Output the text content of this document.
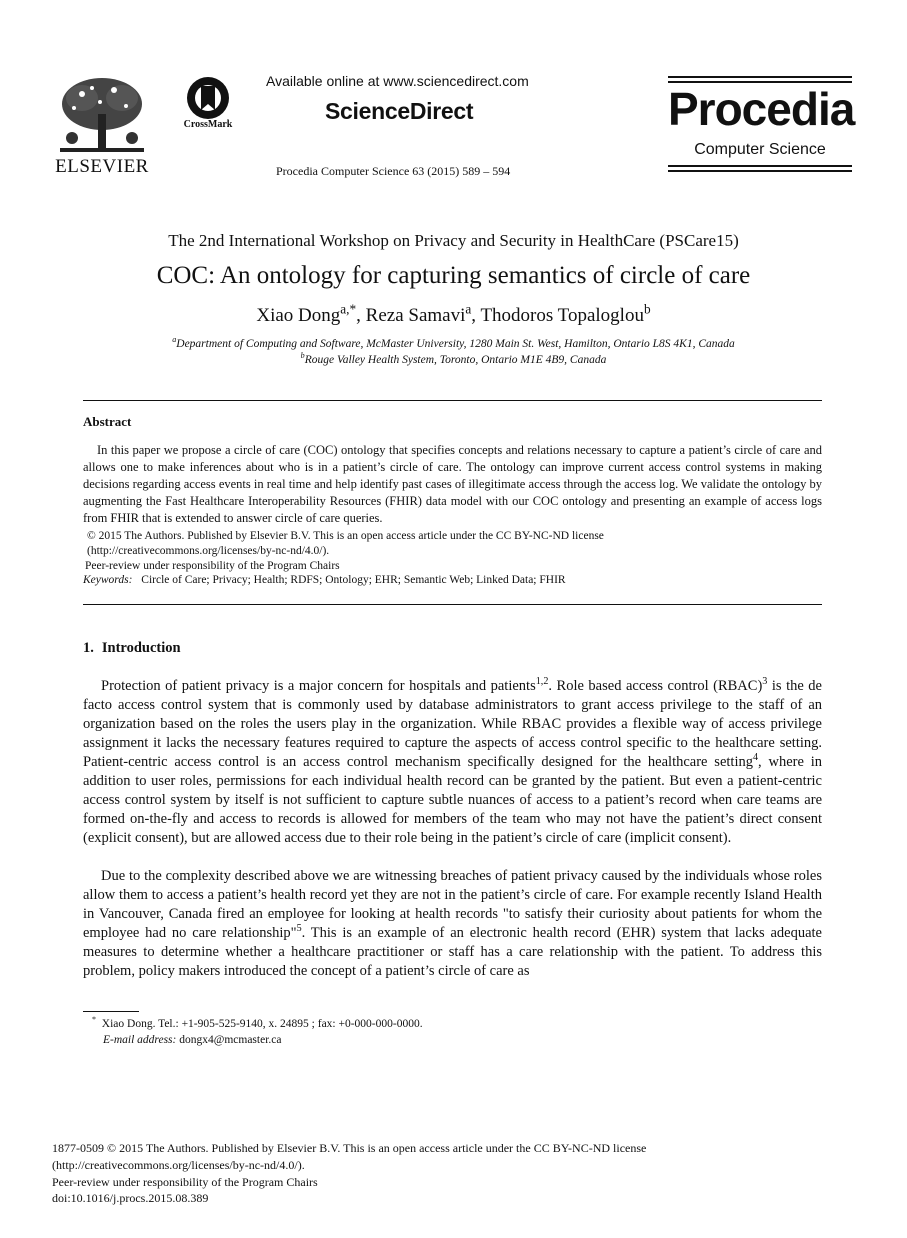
ELSEVIER
CrossMark
Available online at www.sciencedirect.com
ScienceDirect
Procedia Computer Science 63 (2015) 589 – 594
Procedia
Computer Science
The 2nd International Workshop on Privacy and Security in HealthCare (PSCare15)
COC: An ontology for capturing semantics of circle of care
Xiao Dong$^{a,*}$, Reza Samavi$^a$, Thodoros Topaloglou$^b$
$^a$Department of Computing and Software, McMaster University, 1280 Main St. West, Hamilton, Ontario L8S 4K1, Canada
$^b$Rouge Valley Health System, Toronto, Ontario M1E 4B9, Canada
Abstract

In this paper we propose a circle of care (COC) ontology that specifies concepts and relations necessary to capture a patient’s circle of care and allows one to make inferences about who is in a patient’s circle of care. The ontology can improve current access control systems in making decisions regarding access events in real time and help identify past cases of illegitimate access through the access log. We validate the ontology by augmenting the Fast Healthcare Interoperability Resources (FHIR) data model with our COC ontology and presenting an example of access logs from FHIR that is extended to answer circle of care queries.

© 2015 The Authors. Published by Elsevier B.V. This is an open access article under the CC BY-NC-ND license
(http://creativecommons.org/licenses/by-nc-nd/4.0/).
Peer-review under responsibility of the Program Chairs
Keywords: Circle of Care; Privacy; Health; RDFS; Ontology; EHR; Semantic Web; Linked Data; FHIR
1. Introduction

Protection of patient privacy is a major concern for hospitals and patients$^{1,2}$. Role based access control (RBAC)$^3$ is the de facto access control system that is commonly used by database administrators to grant access privilege to the staff of an organization based on the roles the users play in the organization. While RBAC provides a flexible way of access privilege assignment it lacks the necessary features required to capture the aspects of access control specific to the healthcare setting. Patient-centric access control is an access control mechanism specifically designed for the healthcare setting$^4$, where in addition to user roles, permissions for each individual health record can be granted by the patient. But even a patient-centric access control system by itself is not sufficient to capture subtle nuances of access to a patient’s record when care teams are formed on-the-fly and access to records is allowed for members of the team who may not have the patient’s direct consent (explicit consent), but are allowed access due to their role being in the patient’s circle of care (implicit consent).

Due to the complexity described above we are witnessing breaches of patient privacy caused by the individuals whose roles allow them to access a patient’s health record yet they are not in the patient’s circle of care. For example recently Island Health in Vancouver, Canada fired an employee for looking at health records "to satisfy their curiosity about patients for whom the employee had no care relationship"$^5$. This is an example of an electronic health record (EHR) system that lacks adequate measures to determine whether a healthcare practitioner or staff has a care relationship with the patient. To address this problem, policy makers introduced the concept of a patient’s circle of care as

* Xiao Dong. Tel.: +1-905-525-9140, x. 24895 ; fax: +0-000-000-0000.
E-mail address: dongx4@mcmaster.ca
1877-0509 © 2015 The Authors. Published by Elsevier B.V. This is an open access article under the CC BY-NC-ND license
(http://creativecommons.org/licenses/by-nc-nd/4.0/).
Peer-review under responsibility of the Program Chairs
doi:10.1016/j.procs.2015.08.389
